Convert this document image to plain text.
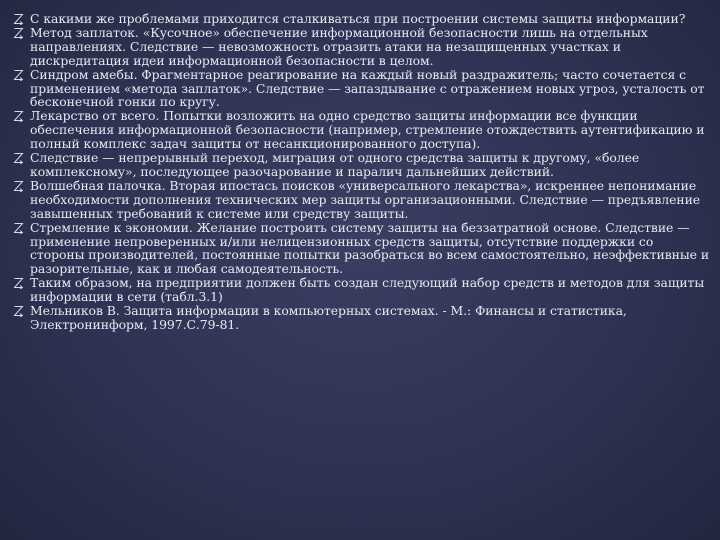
С какими же проблемами приходится сталкиваться при построении системы защиты информации?
Метод заплаток. «Кусочное» обеспечение информационной безопасности лишь на отдельных направлениях. Следствие — невозможность отразить атаки на незащищенных участках и дискредитация идеи информационной безопасности в целом.
Синдром амебы. Фрагментарное реагирование на каждый новый раздражитель; часто сочетается с применением «метода заплаток». Следствие — запаздывание с отражением новых угроз, усталость от бесконечной гонки по кругу.
Лекарство от всего. Попытки возложить на одно средство защиты информации все функции обеспечения информационной безопасности (например, стремление отождествить аутентификацию и полный комплекс задач защиты от несанкционированного доступа).
Следствие — непрерывный переход, миграция от одного средства защиты к другому, «более комплексному», последующее разочарование и паралич дальнейших действий.
Волшебная палочка. Вторая ипостась поисков «универсального лекарства», искреннее непонимание необходимости дополнения технических мер защиты организационными. Следствие — предъявление завышенных требований к системе или средству защиты.
Стремление к экономии. Желание построить систему защиты на беззатратной основе. Следствие — применение непроверенных и/или нелицензионных средств защиты, отсутствие поддержки со стороны производителей, постоянные попытки разобраться во всем самостоятельно, неэффективные и разорительные, как и любая самодеятельность.
Таким образом, на предприятии должен быть создан следующий набор средств и методов для защиты информации в сети (табл.3.1)
Мельников В. Защита информации в компьютерных системах. - М.: Финансы и статистика, Электронинформ, 1997.С.79-81.
